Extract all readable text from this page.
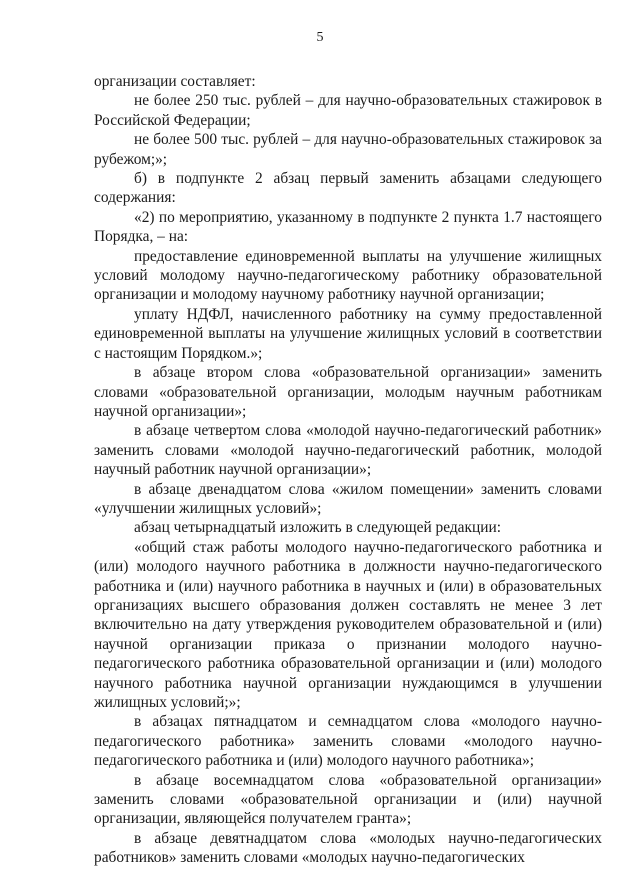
5

организации составляет:

не более 250 тыс. рублей – для научно-образовательных стажировок в Российской Федерации;

не более 500 тыс. рублей – для научно-образовательных стажировок за рубежом;»;

б) в подпункте 2 абзац первый заменить абзацами следующего содержания:

«2) по мероприятию, указанному в подпункте 2 пункта 1.7 настоящего Порядка, – на:

предоставление единовременной выплаты на улучшение жилищных условий молодому научно-педагогическому работнику образовательной организации и молодому научному работнику научной организации;

уплату НДФЛ, начисленного работнику на сумму предоставленной единовременной выплаты на улучшение жилищных условий в соответствии с настоящим Порядком.»;

в абзаце втором слова «образовательной организации» заменить словами «образовательной организации, молодым научным работникам научной организации»;

в абзаце четвертом слова «молодой научно-педагогический работник» заменить словами «молодой научно-педагогический работник, молодой научный работник научной организации»;

в абзаце двенадцатом слова «жилом помещении» заменить словами «улучшении жилищных условий»;

абзац четырнадцатый изложить в следующей редакции:

«общий стаж работы молодого научно-педагогического работника и (или) молодого научного работника в должности научно-педагогического работника и (или) научного работника в научных и (или) в образовательных организациях высшего образования должен составлять не менее 3 лет включительно на дату утверждения руководителем образовательной и (или) научной организации приказа о признании молодого научно-педагогического работника образовательной организации и (или) молодого научного работника научной организации нуждающимся в улучшении жилищных условий;»;

в абзацах пятнадцатом и семнадцатом слова «молодого научно-педагогического работника» заменить словами «молодого научно-педагогического работника и (или) молодого научного работника»;

в абзаце восемнадцатом слова «образовательной организации» заменить словами «образовательной организации и (или) научной организации, являющейся получателем гранта»;

в абзаце девятнадцатом слова «молодых научно-педагогических работников» заменить словами «молодых научно-педагогических
